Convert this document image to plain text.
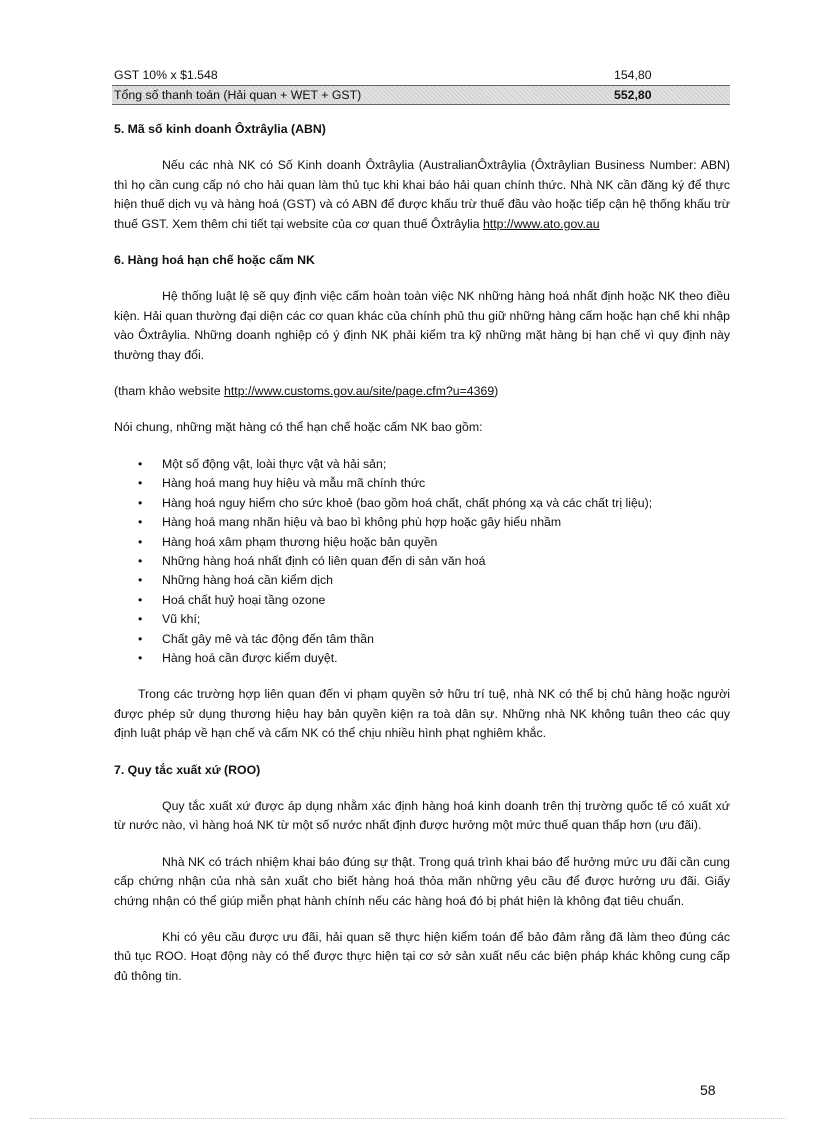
GST 10% x $1.548	154,80
Tổng số thanh toán (Hải quan + WET + GST)	552,80
5. Mã số kinh doanh Ôxtrâylia (ABN)

Nếu các nhà NK có Số Kinh doanh Ôxtrâylia (AustralianÔxtrâylia (Ôxtrâylian Business Number: ABN) thì họ cần cung cấp nó cho hải quan làm thủ tục khi khai báo hải quan chính thức. Nhà NK cần đăng ký để thực hiện thuế dịch vụ và hàng hoá (GST) và có ABN để được khấu trừ thuế đầu vào hoặc tiếp cận hệ thống khấu trừ thuế GST. Xem thêm chi tiết tại website của cơ quan thuế Ôxtrâylia http://www.ato.gov.au

6. Hàng hoá hạn chế hoặc cấm NK

Hệ thống luật lệ sẽ quy định việc cấm hoàn toàn việc NK những hàng hoá nhất định hoặc NK theo điều kiện. Hải quan thường đại diện các cơ quan khác của chính phủ thu giữ những hàng cấm hoặc hạn chế khi nhập vào Ôxtrâylia. Những doanh nghiệp có ý định NK phải kiểm tra kỹ những mặt hàng bị hạn chế vì quy định này thường thay đổi.

(tham khảo website http://www.customs.gov.au/site/page.cfm?u=4369)

Nói chung, những mặt hàng có thể hạn chế hoặc cấm NK bao gồm:

• Một số động vật, loài thực vật và hải sản;
• Hàng hoá mang huy hiệu và mẫu mã chính thức
• Hàng hoá nguy hiểm cho sức khoẻ (bao gồm hoá chất, chất phóng xạ và các chất trị liệu);
• Hàng hoá mang nhãn hiệu và bao bì không phù hợp hoặc gây hiểu nhầm
• Hàng hoá xâm phạm thương hiệu hoặc bản quyền
• Những hàng hoá nhất định có liên quan đến di sản văn hoá
• Những hàng hoá cần kiểm dịch
• Hoá chất huỷ hoại tầng ozone
• Vũ khí;
• Chất gây mê và tác động đến tâm thần
• Hàng hoá cần được kiểm duyệt.

Trong các trường hợp liên quan đến vi phạm quyền sở hữu trí tuệ, nhà NK có thể bị chủ hàng hoặc người được phép sử dụng thương hiệu hay bản quyền kiện ra toà dân sự. Những nhà NK không tuân theo các quy định luật pháp về hạn chế và cấm NK có thể chịu nhiều hình phạt nghiêm khắc.

7. Quy tắc xuất xứ (ROO)

Quy tắc xuất xứ được áp dụng nhằm xác định hàng hoá kinh doanh trên thị trường quốc tế có xuất xứ từ nước nào, vì hàng hoá NK từ một số nước nhất định được hưởng một mức thuế quan thấp hơn (ưu đãi).

Nhà NK có trách nhiệm khai báo đúng sự thật. Trong quá trình khai báo để hưởng mức ưu đãi cần cung cấp chứng nhận của nhà sản xuất cho biết hàng hoá thỏa mãn những yêu cầu để được hưởng ưu đãi. Giấy chứng nhận có thể giúp miễn phạt hành chính nếu các hàng hoá đó bị phát hiện là không đạt tiêu chuẩn.

Khi có yêu cầu được ưu đãi, hải quan sẽ thực hiện kiểm toán để bảo đảm rằng đã làm theo đúng các thủ tục ROO. Hoạt động này có thể được thực hiện tại cơ sở sản xuất nếu các biện pháp khác không cung cấp đủ thông tin.

58
